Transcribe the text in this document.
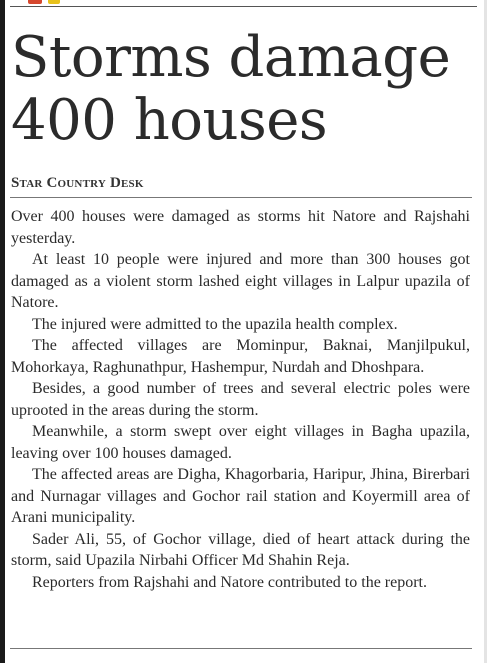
Storms damage 400 houses
Star Country Desk

Over 400 houses were damaged as storms hit Natore and Rajshahi yesterday.

At least 10 people were injured and more than 300 houses got damaged as a violent storm lashed eight villages in Lalpur upazila of Natore.

The injured were admitted to the upazila health complex.

The affected villages are Mominpur, Baknai, Manjilpukul, Mohorkaya, Raghunathpur, Hashempur, Nurdah and Dhoshpara.

Besides, a good number of trees and several electric poles were uprooted in the areas during the storm.

Meanwhile, a storm swept over eight villages in Bagha upazila, leaving over 100 houses damaged.

The affected areas are Digha, Khagorbaria, Haripur, Jhina, Birerbari and Nurnagar villages and Gochor rail station and Koyermill area of Arani municipality.

Sader Ali, 55, of Gochor village, died of heart attack during the storm, said Upazila Nirbahi Officer Md Shahin Reja.

Reporters from Rajshahi and Natore contributed to the report.
